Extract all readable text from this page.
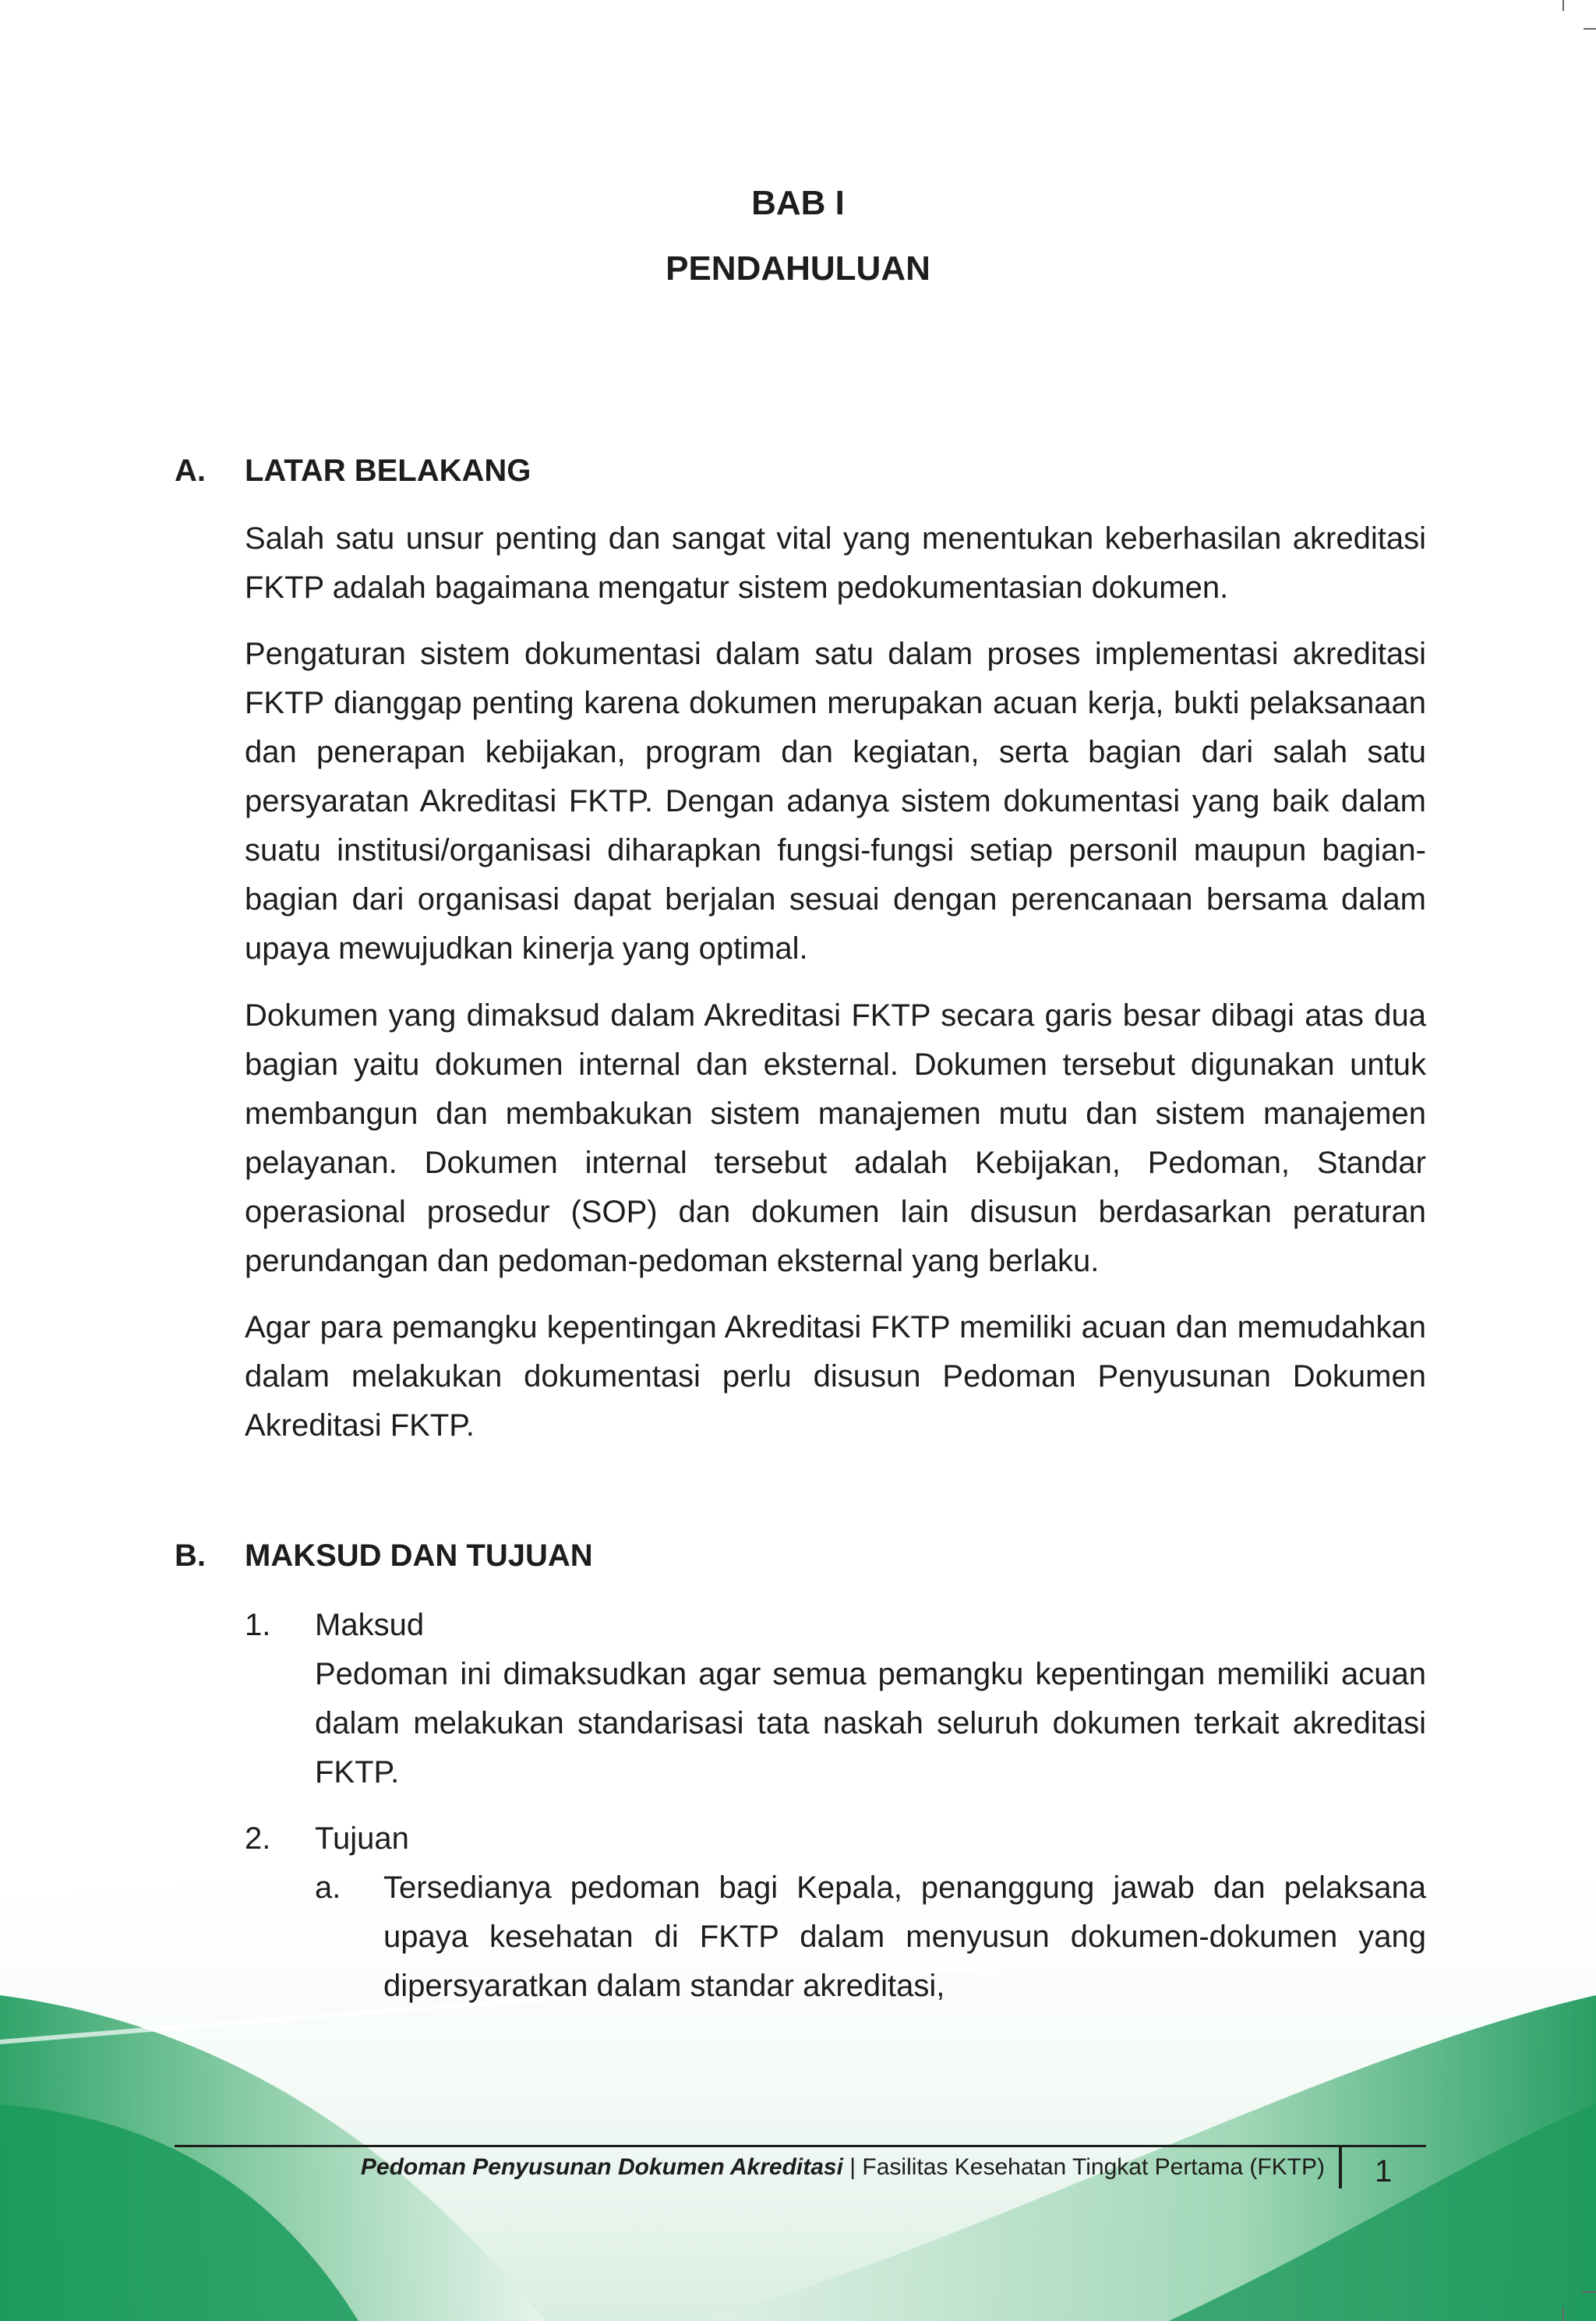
BAB I
PENDAHULUAN
A. LATAR BELAKANG

Salah satu unsur penting dan sangat vital yang menentukan keberhasilan akreditasi FKTP adalah bagaimana mengatur sistem pedokumentasian dokumen.

Pengaturan sistem dokumentasi dalam satu dalam proses implementasi akreditasi FKTP dianggap penting karena dokumen merupakan acuan kerja, bukti pelaksanaan dan penerapan kebijakan, program dan kegiatan, serta bagian dari salah satu persyaratan Akreditasi FKTP. Dengan adanya sistem dokumentasi yang baik dalam suatu institusi/organisasi diharapkan fungsi-fungsi setiap personil maupun bagian-bagian dari organisasi dapat berjalan sesuai dengan perencanaan bersama dalam upaya mewujudkan kinerja yang optimal.

Dokumen yang dimaksud dalam Akreditasi FKTP secara garis besar dibagi atas dua bagian yaitu dokumen internal dan eksternal. Dokumen tersebut digunakan untuk membangun dan membakukan sistem manajemen mutu dan sistem manajemen pelayanan. Dokumen internal tersebut adalah Kebijakan, Pedoman, Standar operasional prosedur (SOP) dan dokumen lain disusun berdasarkan peraturan perundangan dan pedoman-pedoman eksternal yang berlaku.

Agar para pemangku kepentingan Akreditasi FKTP memiliki acuan dan memudahkan dalam melakukan dokumentasi perlu disusun Pedoman Penyusunan Dokumen Akreditasi FKTP.

B. MAKSUD DAN TUJUAN
1. Maksud

Pedoman ini dimaksudkan agar semua pemangku kepentingan memiliki acuan dalam melakukan standarisasi tata naskah seluruh dokumen terkait akreditasi FKTP.

2. Tujuan
a. Tersedianya pedoman bagi Kepala, penanggung jawab dan pelaksana upaya kesehatan di FKTP dalam menyusun dokumen-dokumen yang dipersyaratkan dalam standar akreditasi,

Pedoman Penyusunan Dokumen Akreditasi | Fasilitas Kesehatan Tingkat Pertama (FKTP) 1
